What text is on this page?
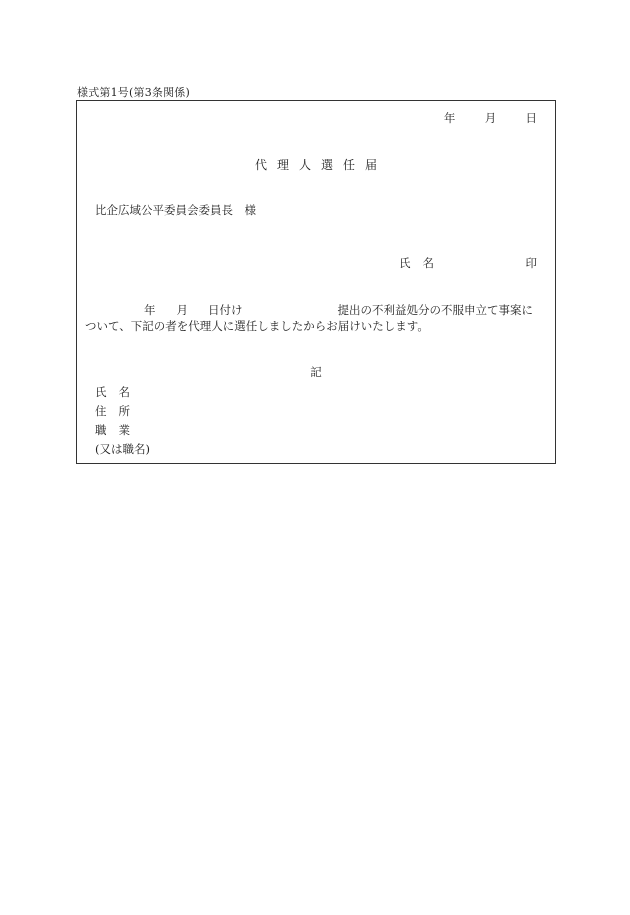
様式第1号(第3条関係)
年	月	日
代 理 人 選 任 届
比企広域公平委員会委員長　様
氏 名	印
年 月 日付け	提出の不利益処分の不服申立て事案に
ついて、下記の者を代理人に選任しましたからお届けいたします。
記
氏 名
住 所
職 業
(又は職名)
